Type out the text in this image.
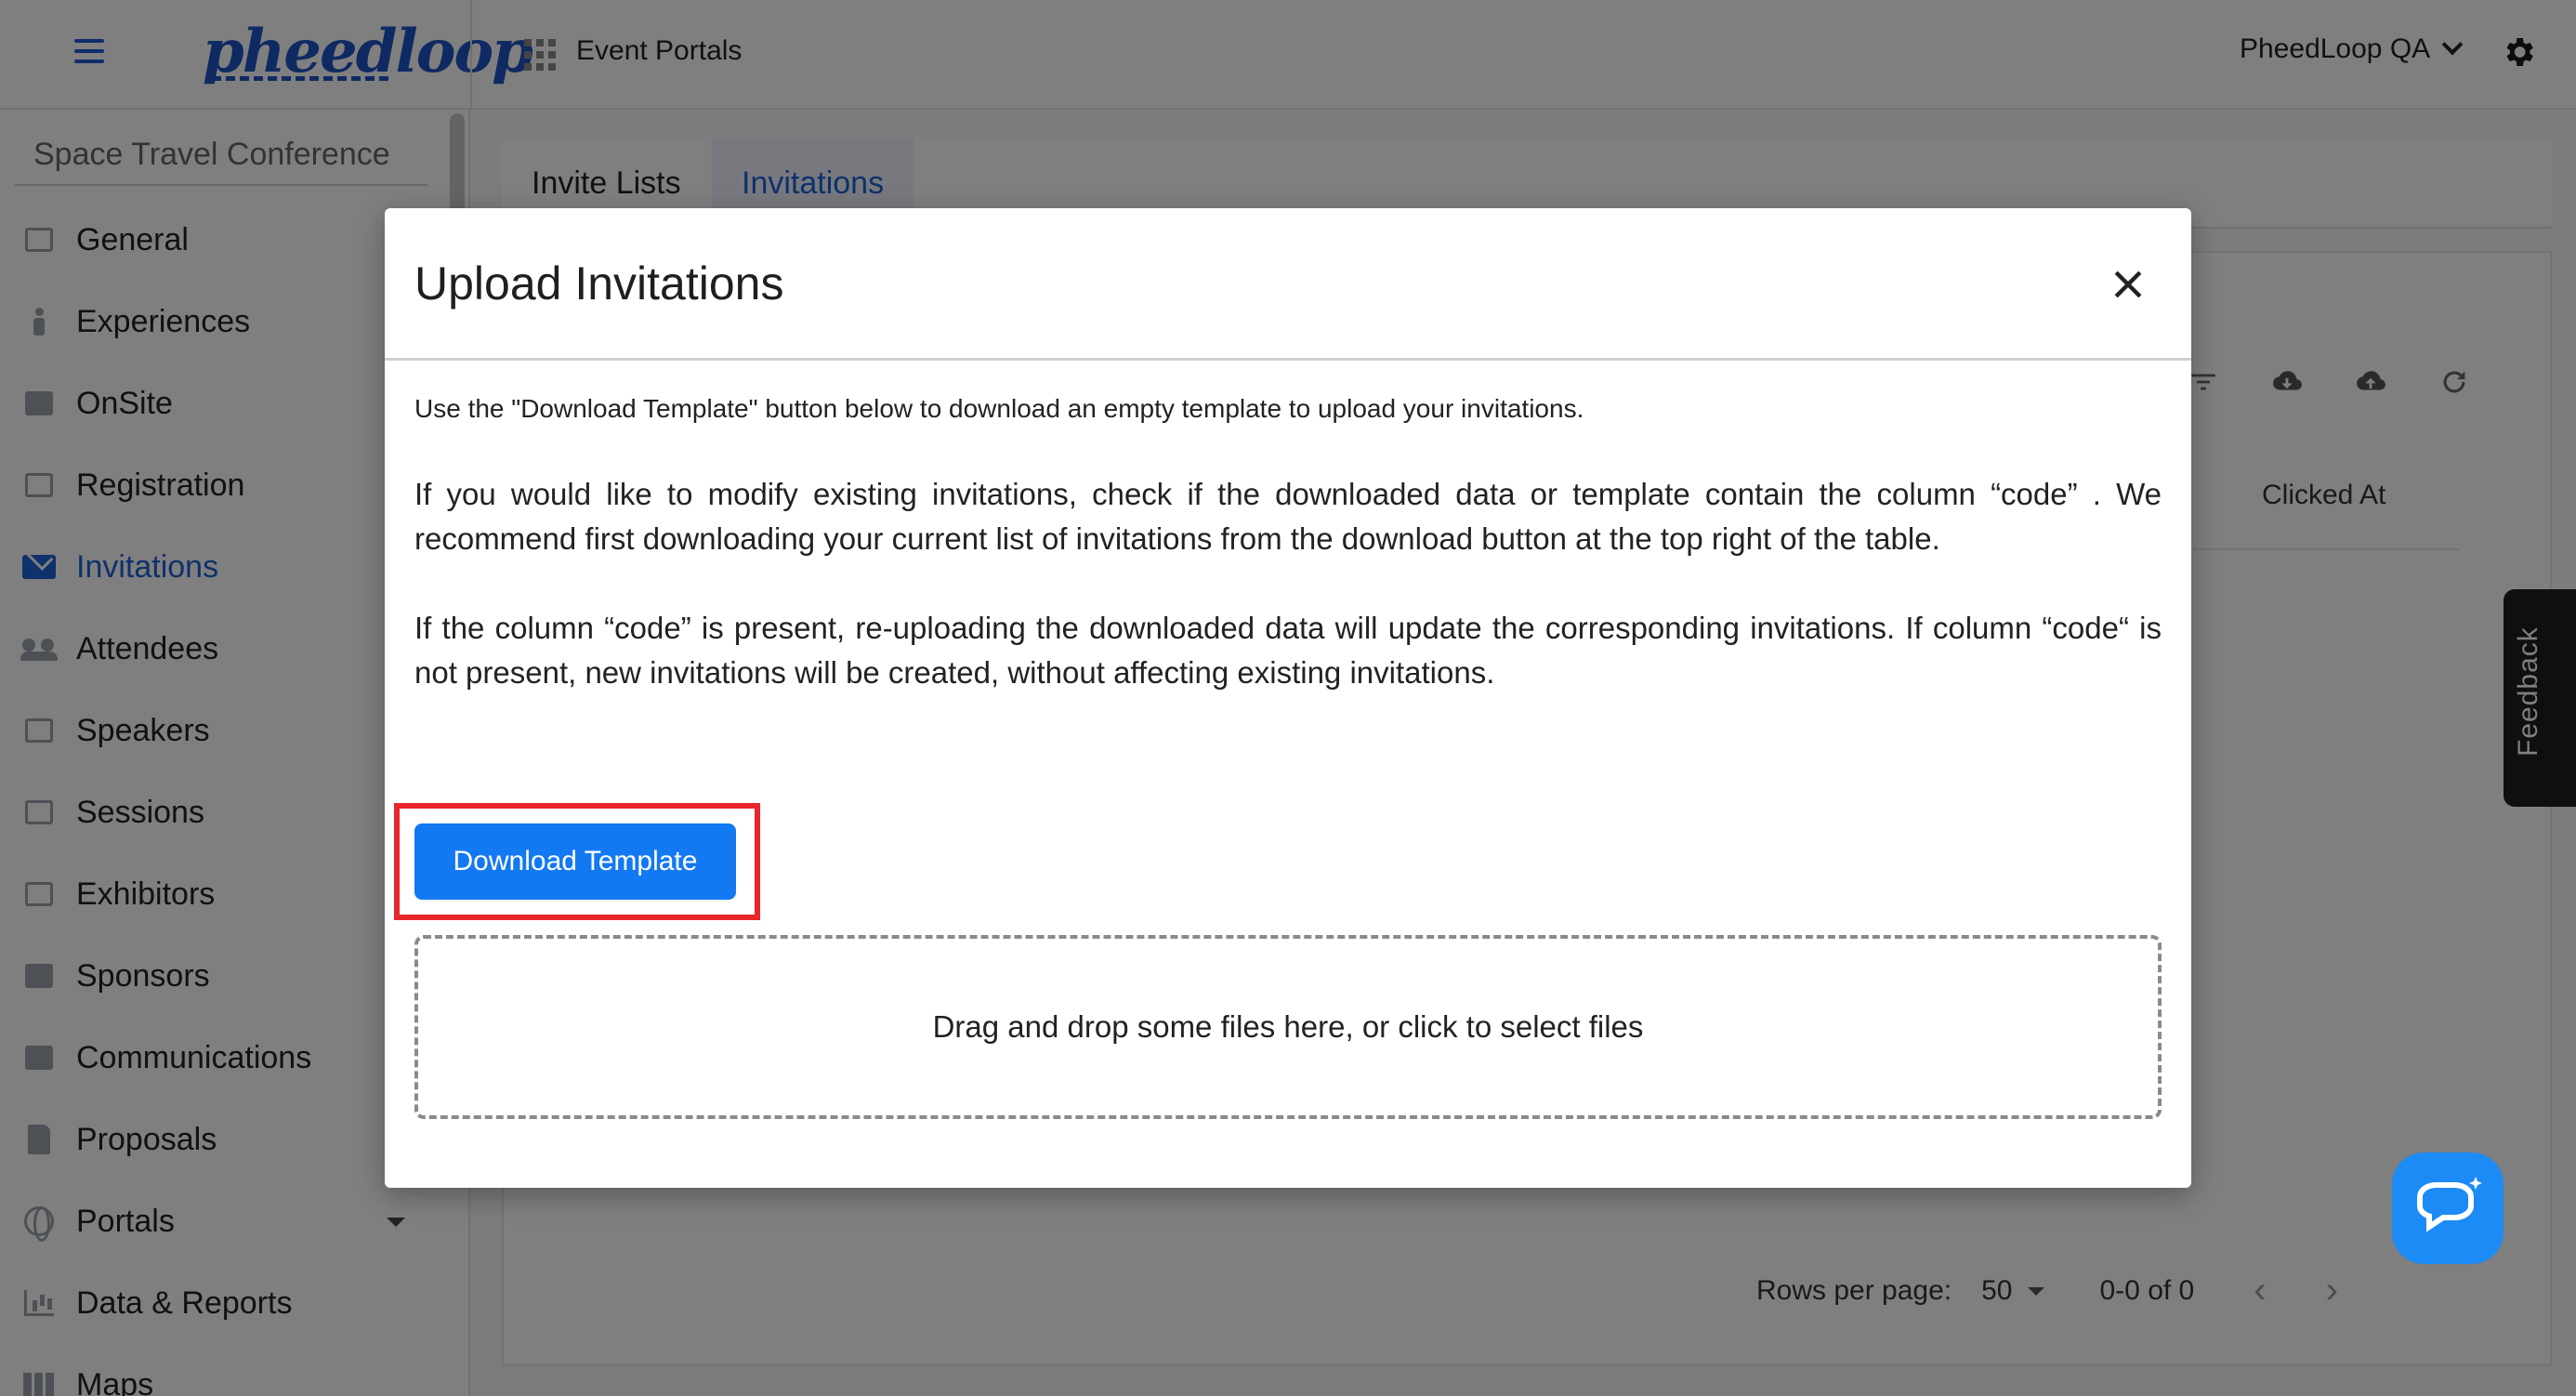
Upload Invitations
Use the "Download Template" button below to download an empty template to upload your invitations.
If you would like to modify existing invitations, check if the downloaded data or template contain the column “code” . We recommend first downloading your current list of invitations from the download button at the top right of the table.
If the column “code” is present, re-uploading the downloaded data will update the corresponding invitations. If column “code“ is not present, new invitations will be created, without affecting existing invitations.
Download Template
Drag and drop some files here, or click to select files
